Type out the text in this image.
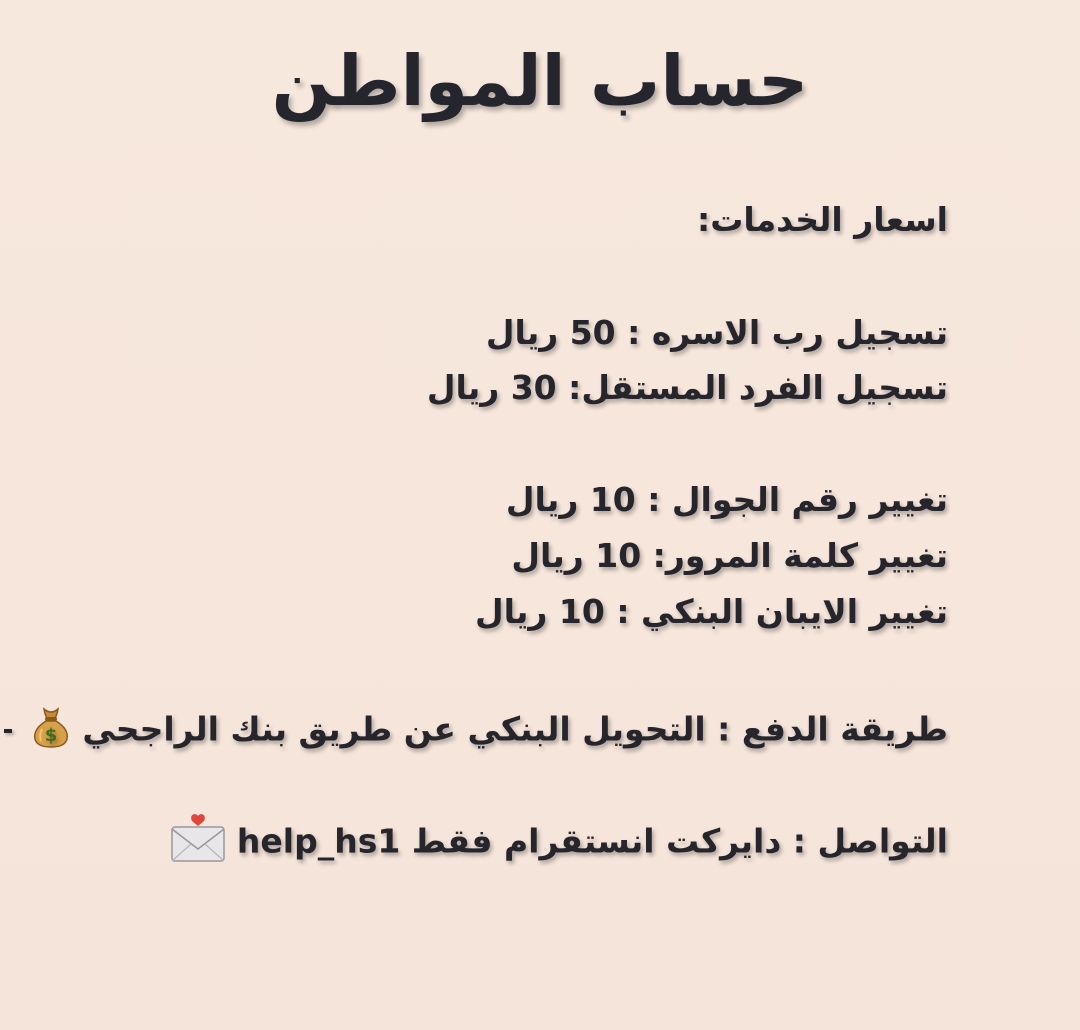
حساب المواطن
اسعار الخدمات:
تسجيل رب الاسره : 50 ريال
تسجيل الفرد المستقل: 30 ريال
تغيير رقم الجوال : 10 ريال
تغيير كلمة المرور: 10 ريال
تغيير الايبان البنكي : 10 ريال
طريقة الدفع : التحويل البنكي عن طريق بنك الراجحي
$
التواصل : دايركت انستقرام فقط help_hs1
